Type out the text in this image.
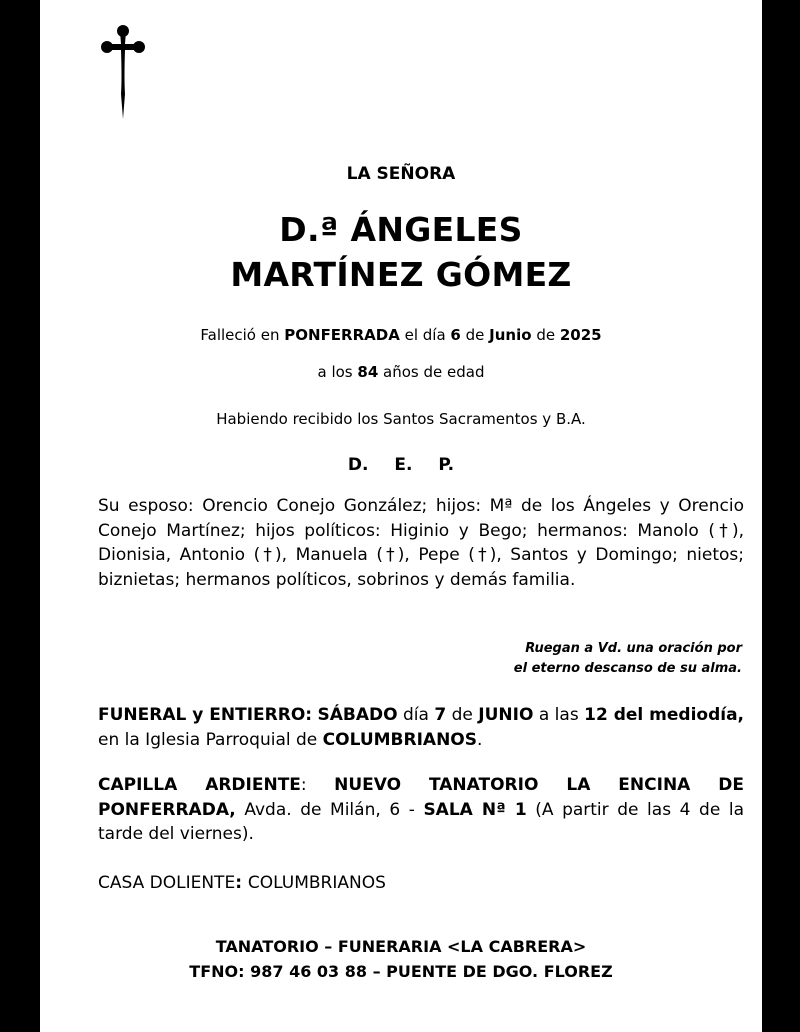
LA SEÑORA
D.ª ÁNGELES
MARTÍNEZ GÓMEZ
Falleció en PONFERRADA el día 6 de Junio de 2025
a los 84 años de edad
Habiendo recibido los Santos Sacramentos y B.A.
D. E. P.
Su esposo: Orencio Conejo González; hijos: Mª de los Ángeles y Orencio Conejo Martínez; hijos políticos: Higinio y Bego; hermanos: Manolo (†), Dionisia, Antonio (†), Manuela (†), Pepe (†), Santos y Domingo; nietos; biznietas; hermanos políticos, sobrinos y demás familia.
Ruegan a Vd. una oración por
el eterno descanso de su alma.
FUNERAL y ENTIERRO: SÁBADO día 7 de JUNIO a las 12 del mediodía, en la Iglesia Parroquial de COLUMBRIANOS.
CAPILLA ARDIENTE: NUEVO TANATORIO LA ENCINA DE PONFERRADA, Avda. de Milán, 6 - SALA Nª 1 (A partir de las 4 de la tarde del viernes).
CASA DOLIENTE: COLUMBRIANOS
TANATORIO – FUNERARIA <LA CABRERA>
TFNO: 987 46 03 88 – PUENTE DE DGO. FLOREZ
